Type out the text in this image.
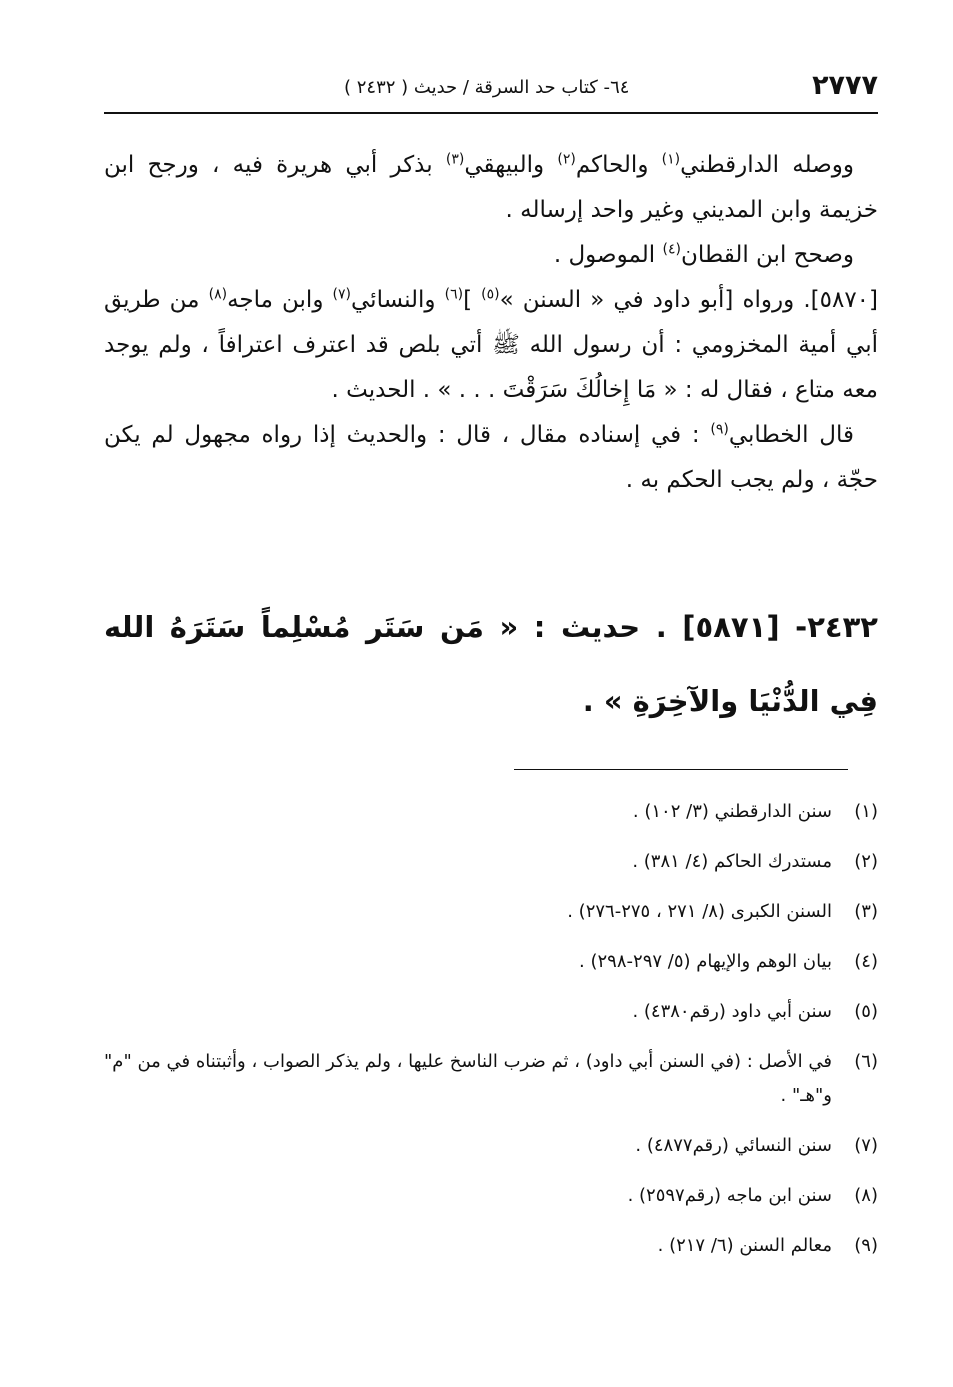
٢٧٧٧
٦٤- كتاب حد السرقة / حديث ( ٢٤٣٢ )

ووصله الدارقطني$^{(١)}$ والحاكم$^{(٢)}$ والبيهقي$^{(٣)}$ بذكر أبي هريرة فيه ، ورجح ابن خزيمة وابن المديني وغير واحد إرساله .

وصحح ابن القطان$^{(٤)}$ الموصول .

[٥٨٧٠]. ورواه [أبو داود في « السنن »$^{(٥)}$ ]$^{(٦)}$ والنسائي$^{(٧)}$ وابن ماجه$^{(٨)}$ من طريق أبي أمية المخزومي : أن رسول الله ﷺ أتي بلص قد اعترف اعترافاً ، ولم يوجد معه متاع ، فقال له : « مَا إِخالُكَ سَرَقْتَ . . . » . الحديث .

قال الخطابي$^{(٩)}$ : في إسناده مقال ، قال : والحديث إذا رواه مجهول لم يكن حجّة ، ولم يجب الحكم به .

٢٤٣٢- [٥٨٧١] . حديث : « مَن سَتَر مُسْلِماً سَتَرَهُ الله فِي الدُّنْيَا والآخِرَةِ » .
(١)
سنن الدارقطني (٣/ ١٠٢) .
(٢)
مستدرك الحاكم (٤/ ٣٨١) .
(٣)
السنن الكبرى (٨/ ٢٧١ ، ٢٧٥-٢٧٦) .
(٤)
بيان الوهم والإيهام (٥/ ٢٩٧-٢٩٨) .
(٥)
سنن أبي داود (رقم٤٣٨٠) .
(٦)
في الأصل : (في السنن أبي داود) ، ثم ضرب الناسخ عليها ، ولم يذكر الصواب ، وأثبتناه في من "م" و"هـ" .
(٧)
سنن النسائي (رقم٤٨٧٧) .
(٨)
سنن ابن ماجه (رقم٢٥٩٧) .
(٩)
معالم السنن (٦/ ٢١٧) .
